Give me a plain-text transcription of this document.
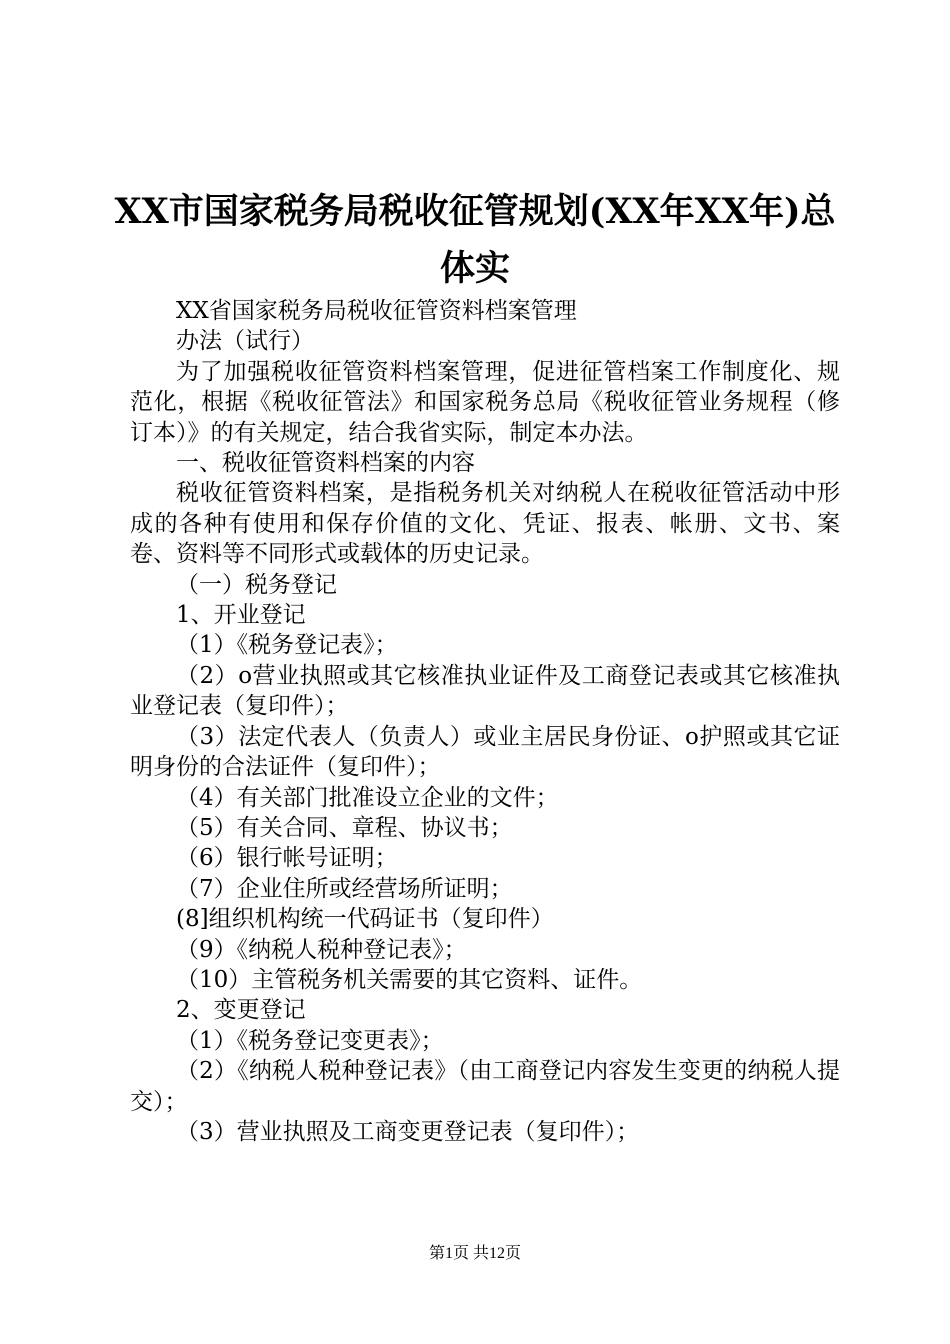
XX市国家税务局税收征管规划(XX年XX年)总
体实

XX省国家税务局税收征管资料档案管理

办法（试行）

为了加强税收征管资料档案管理，促进征管档案工作制度化、规范化，根据《税收征管法》和国家税务总局《税收征管业务规程（修订本）》的有关规定，结合我省实际，制定本办法。

一、税收征管资料档案的内容

税收征管资料档案，是指税务机关对纳税人在税收征管活动中形成的各种有使用和保存价值的文化、凭证、报表、帐册、文书、案卷、资料等不同形式或载体的历史记录。

（一）税务登记

1、开业登记

（1）《税务登记表》；

（2）o营业执照或其它核准执业证件及工商登记表或其它核准执业登记表（复印件）；

（3）法定代表人（负责人）或业主居民身份证、o护照或其它证明身份的合法证件（复印件）；

（4）有关部门批准设立企业的文件；

（5）有关合同、章程、协议书；

（6）银行帐号证明；

（7）企业住所或经营场所证明；

(8]组织机构统一代码证书（复印件）

（9）《纳税人税种登记表》；

（10）主管税务机关需要的其它资料、证件。

2、变更登记

（1）《税务登记变更表》；

（2）《纳税人税种登记表》（由工商登记内容发生变更的纳税人提交）；

（3）营业执照及工商变更登记表（复印件）；

第1页 共12页
